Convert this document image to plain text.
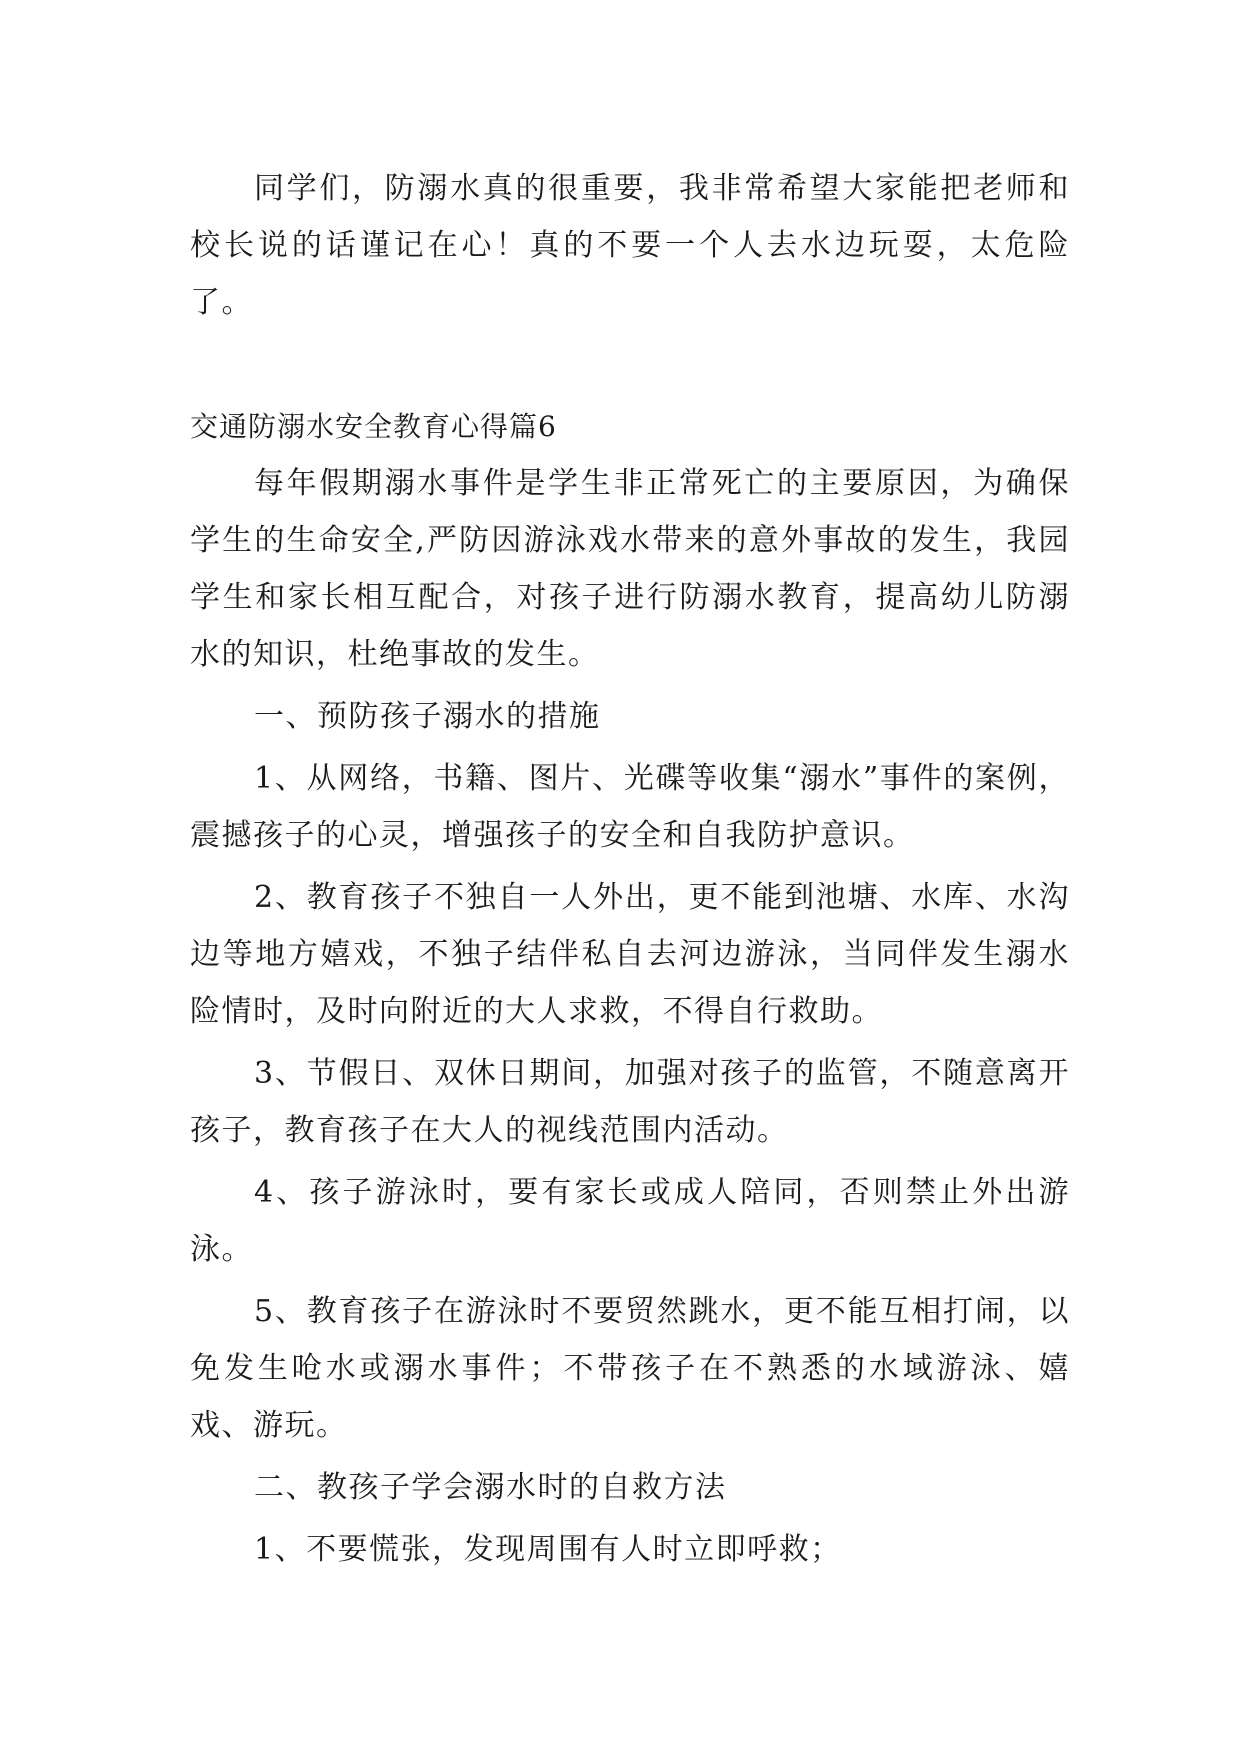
同学们，防溺水真的很重要，我非常希望大家能把老师和校长说的话谨记在心！真的不要一个人去水边玩耍，太危险了。

交通防溺水安全教育心得篇6

每年假期溺水事件是学生非正常死亡的主要原因，为确保学生的生命安全,严防因游泳戏水带来的意外事故的发生，我园学生和家长相互配合，对孩子进行防溺水教育，提高幼儿防溺水的知识，杜绝事故的发生。

一、预防孩子溺水的措施

1、从网络，书籍、图片、光碟等收集“溺水”事件的案例，震撼孩子的心灵，增强孩子的安全和自我防护意识。

2、教育孩子不独自一人外出，更不能到池塘、水库、水沟边等地方嬉戏，不独子结伴私自去河边游泳，当同伴发生溺水险情时，及时向附近的大人求救，不得自行救助。

3、节假日、双休日期间，加强对孩子的监管，不随意离开孩子，教育孩子在大人的视线范围内活动。

4、孩子游泳时，要有家长或成人陪同，否则禁止外出游泳。

5、教育孩子在游泳时不要贸然跳水，更不能互相打闹，以免发生呛水或溺水事件；不带孩子在不熟悉的水域游泳、嬉戏、游玩。

二、教孩子学会溺水时的自救方法

1、不要慌张，发现周围有人时立即呼救；
